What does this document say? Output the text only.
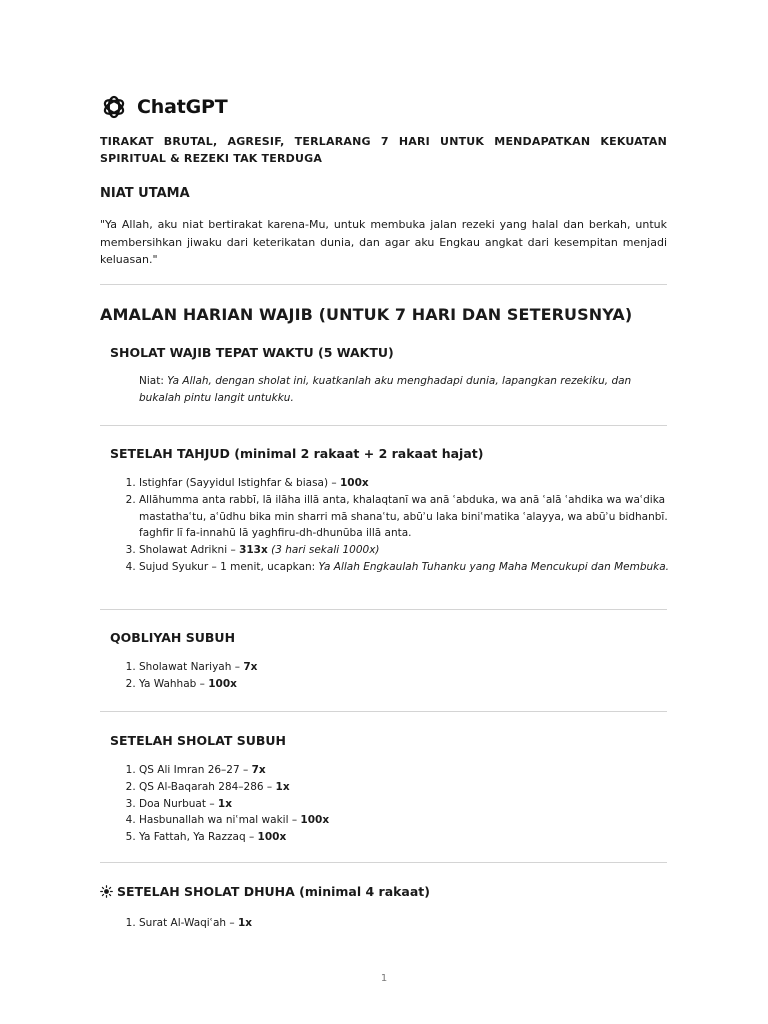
ChatGPT
TIRAKAT BRUTAL, AGRESIF, TERLARANG 7 HARI UNTUK MENDAPATKAN KEKUATAN SPIRITUAL & REZEKI TAK TERDUGA
NIAT UTAMA
"Ya Allah, aku niat bertirakat karena-Mu, untuk membuka jalan rezeki yang halal dan berkah, untuk membersihkan jiwaku dari keterikatan dunia, dan agar aku Engkau angkat dari kesempitan menjadi keluasan."
AMALAN HARIAN WAJIB (UNTUK 7 HARI DAN SETERUSNYA)
SHOLAT WAJIB TEPAT WAKTU (5 WAKTU)
Niat: Ya Allah, dengan sholat ini, kuatkanlah aku menghadapi dunia, lapangkan rezekiku, dan bukalah pintu langit untukku.
SETELAH TAHJUD (minimal 2 rakaat + 2 rakaat hajat)
1. Istighfar (Sayyidul Istighfar & biasa) – 100x
2. Allāhumma anta rabbī, lā ilāha illā anta, khalaqtanī wa anā ʿabduka, wa anā ʿalā ʿahdika wa waʿdika mastathaʿtu, aʿūdhu bika min sharri mā shanaʿtu, abūʾu laka biniʿmatika ʿalayya, wa abūʾu bidhanbī. faghfir lī fa-innahū lā yaghfiru-dh-dhunūba illā anta.
3. Sholawat Adrikni – 313x (3 hari sekali 1000x)
4. Sujud Syukur – 1 menit, ucapkan: Ya Allah Engkaulah Tuhanku yang Maha Mencukupi dan Membuka.
QOBLIYAH SUBUH
1. Sholawat Nariyah – 7x
2. Ya Wahhab – 100x
SETELAH SHOLAT SUBUH
1. QS Ali Imran 26–27 – 7x
2. QS Al-Baqarah 284–286 – 1x
3. Doa Nurbuat – 1x
4. Hasbunallah wa niʿmal wakil – 100x
5. Ya Fattah, Ya Razzaq – 100x
SETELAH SHOLAT DHUHA (minimal 4 rakaat)
1. Surat Al-Waqiʿah – 1x
1
